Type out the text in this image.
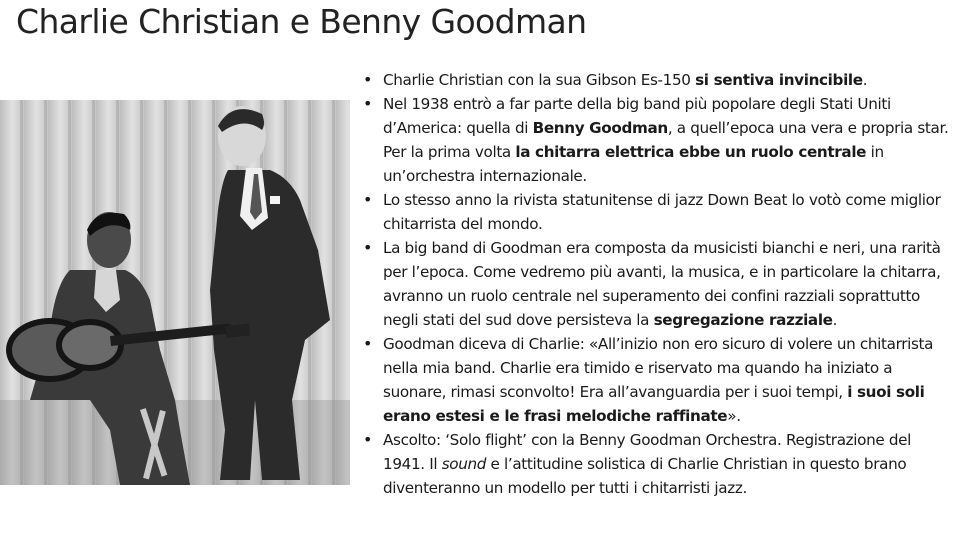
Charlie Christian e Benny Goodman
• Charlie Christian con la sua Gibson Es-150 si sentiva invincibile.
• Nel 1938 entrò a far parte della big band più popolare degli Stati Uniti d’America: quella di Benny Goodman, a quell’epoca una vera e propria star. Per la prima volta la chitarra elettrica ebbe un ruolo centrale in un’orchestra internazionale.
• Lo stesso anno la rivista statunitense di jazz Down Beat lo votò come miglior chitarrista del mondo.
• La big band di Goodman era composta da musicisti bianchi e neri, una rarità per l’epoca. Come vedremo più avanti, la musica, e in particolare la chitarra, avranno un ruolo centrale nel superamento dei confini razziali soprattutto negli stati del sud dove persisteva la segregazione razziale.
• Goodman diceva di Charlie: «All’inizio non ero sicuro di volere un chitarrista nella mia band. Charlie era timido e riservato ma quando ha iniziato a suonare, rimasi sconvolto! Era all’avanguardia per i suoi tempi, i suoi soli erano estesi e le frasi melodiche raffinate».
• Ascolto: ‘Solo flight’ con la Benny Goodman Orchestra. Registrazione del 1941. Il sound e l’attitudine solistica di Charlie Christian in questo brano diventeranno un modello per tutti i chitarristi jazz.
